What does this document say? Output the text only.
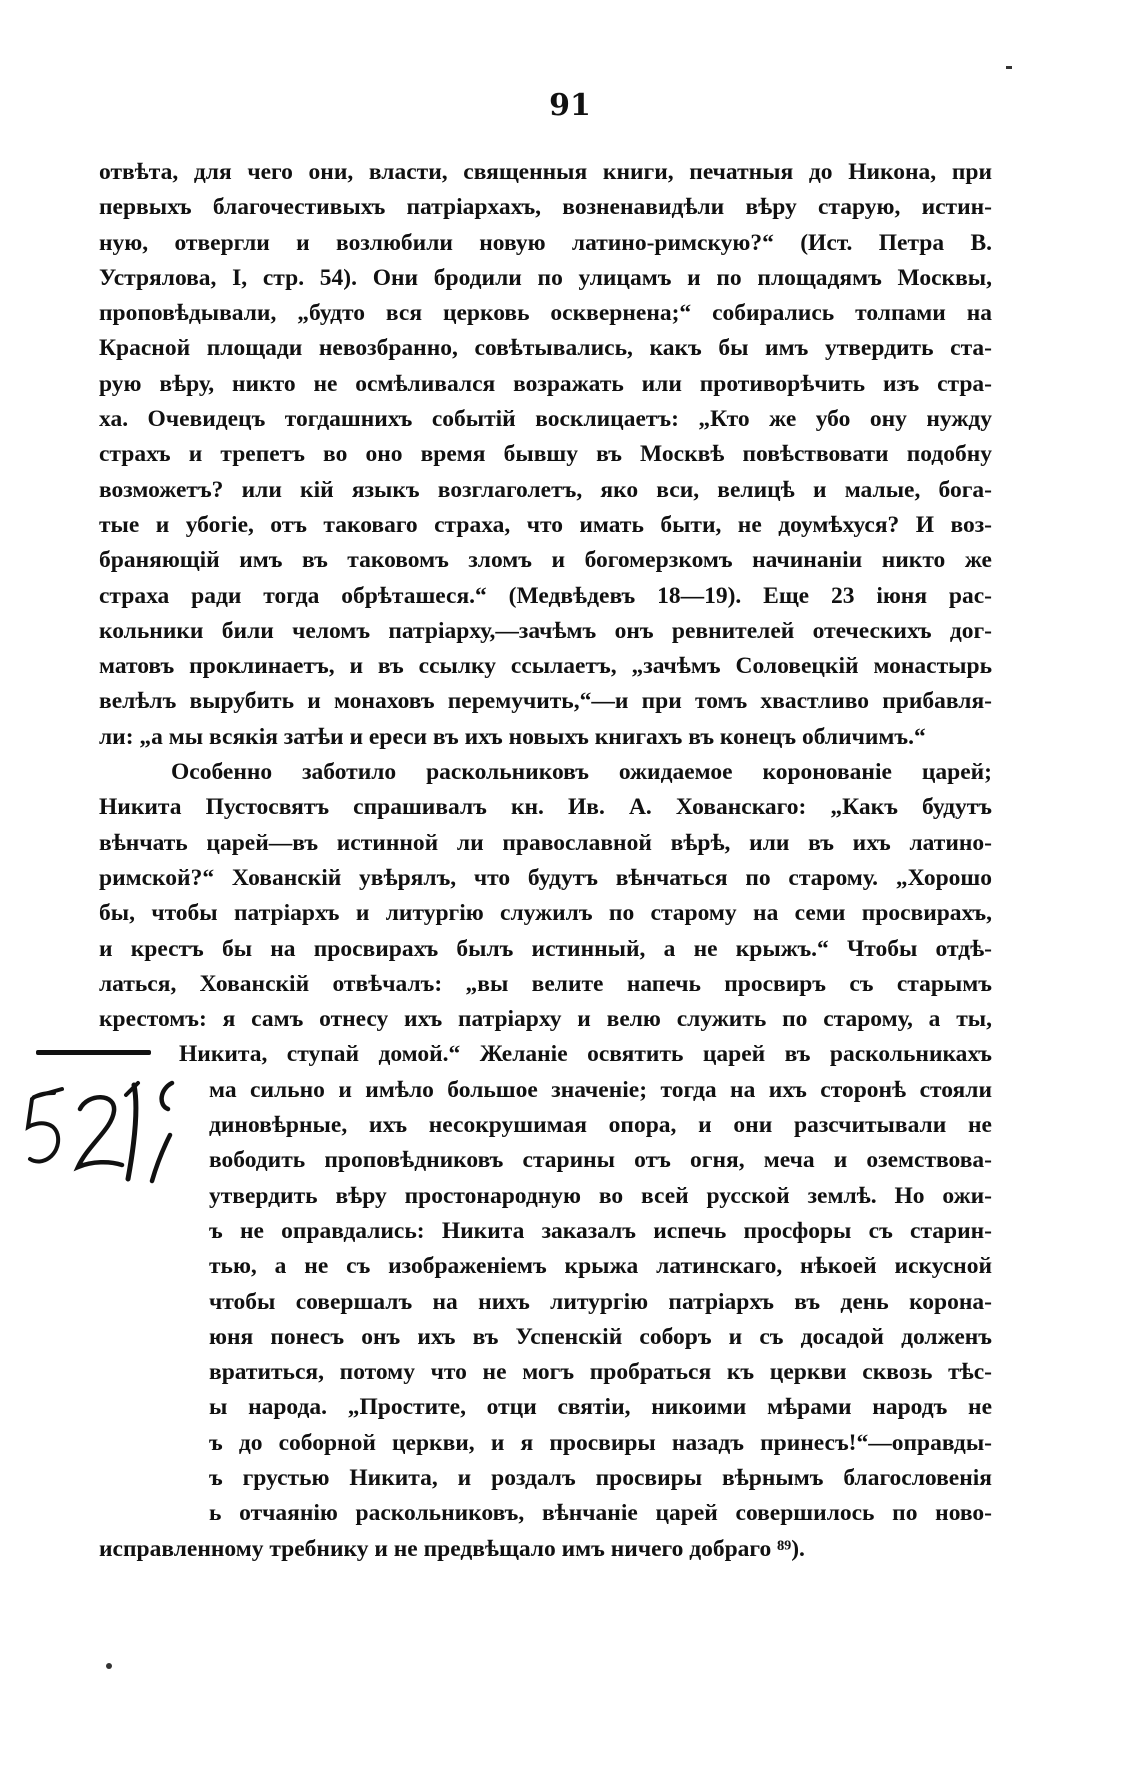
91
отвѣта, для чего они, власти, священныя книги, печатныя до Никона, при
первыхъ благочестивыхъ патріархахъ, возненавидѣли вѣру старую, истин-
ную, отвергли и возлюбили новую латино-римскую?“ (Ист. Петра В.
Устрялова, I, стр. 54). Они бродили по улицамъ и по площадямъ Москвы,
проповѣдывали, „будто вся церковь осквернена;“ собирались толпами на
Красной площади невозбранно, совѣтывались, какъ бы имъ утвердить ста-
рую вѣру, никто не осмѣливался возражать или противорѣчить изъ стра-
ха. Очевидецъ тогдашнихъ событій восклицаетъ: „Кто же убо ону нужду
страхъ и трепетъ во оно время бывшу въ Москвѣ повѣствовати подобну
возможетъ? или кій языкъ возглаголетъ, яко вси, велицѣ и малые, бога-
тые и убогіе, отъ таковаго страха, что имать быти, не доумѣхуся? И воз-
браняющій имъ въ таковомъ зломъ и богомерзкомъ начинаніи никто же
страха ради тогда обрѣташеся.“ (Медвѣдевъ 18—19). Еще 23 іюня рас-
кольники били челомъ патріарху,—зачѣмъ онъ ревнителей отеческихъ дог-
матовъ проклинаетъ, и въ ссылку ссылаетъ, „зачѣмъ Соловецкій монастырь
велѣлъ вырубить и монаховъ перемучить,“—и при томъ хвастливо прибавля-
ли: „а мы всякія затѣи и ереси въ ихъ новыхъ книгахъ въ конецъ обличимъ.“
Особенно заботило раскольниковъ ожидаемое коронованіе царей;
Никита Пустосвятъ спрашивалъ кн. Ив. А. Хованскаго: „Какъ будутъ
вѣнчать царей—въ истинной ли православной вѣрѣ, или въ ихъ латино-
римской?“ Хованскій увѣрялъ, что будутъ вѣнчаться по старому. „Хорошо
бы, чтобы патріархъ и литургію служилъ по старому на семи просвирахъ,
и крестъ бы на просвирахъ былъ истинный, а не крыжъ.“ Чтобы отдѣ-
латься, Хованскій отвѣчалъ: „вы велите напечь просвиръ съ старымъ
крестомъ: я самъ отнесу ихъ патріарху и велю служить по старому, а ты,
Никита, ступай домой.“ Желаніе освятить царей въ раскольникахъ
ма сильно и имѣло большое значеніе; тогда на ихъ сторонѣ стояли
диновѣрные, ихъ несокрушимая опора, и они разсчитывали не
вободить проповѣдниковъ старины отъ огня, меча и оземствова-
утвердить вѣру простонародную во всей русской землѣ. Но ожи-
ъ не оправдались: Никита заказалъ испечь просфоры съ старин-
тью, а не съ изображеніемъ крыжа латинскаго, нѣкоей искусной
чтобы совершалъ на нихъ литургію патріархъ въ день корона-
юня понесъ онъ ихъ въ Успенскій соборъ и съ досадой долженъ
вратиться, потому что не могъ пробраться къ церкви сквозь тѣс-
ы народа. „Простите, отци святіи, никоими мѣрами народъ не
ъ до соборной церкви, и я просвиры назадъ принесъ!“—оправды-
ъ грустью Никита, и роздалъ просвиры вѣрнымъ благословенія
ь отчаянію раскольниковъ, вѣнчаніе царей совершилось по ново-
исправленному требнику и не предвѣщало имъ ничего добраго ⁸⁹).
